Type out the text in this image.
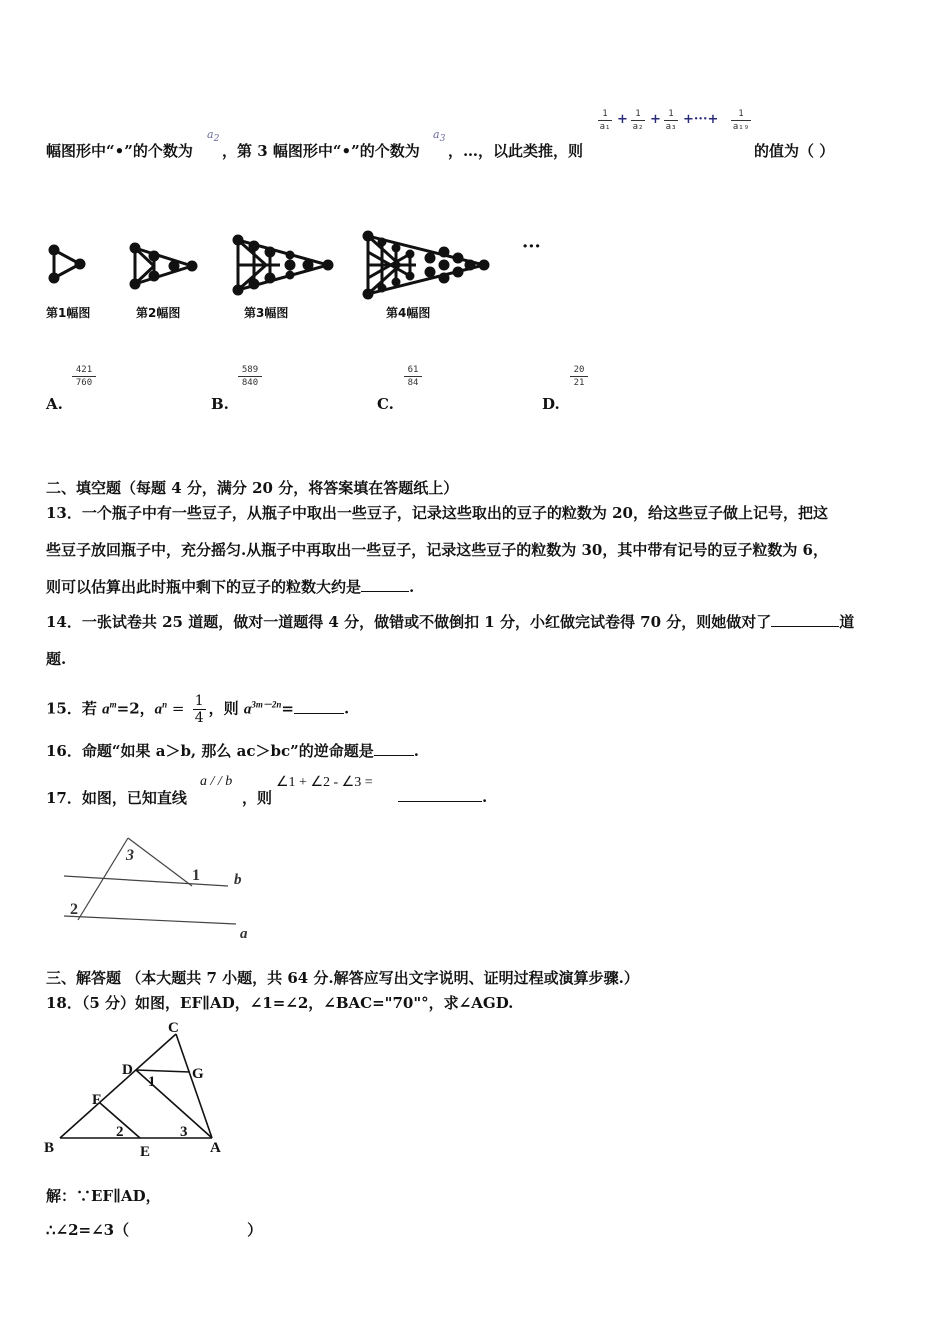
幅图形中“•”的个数为
$a_2$
，第 3 幅图形中“•”的个数为
$a_3$
，…，以此类推，则
$\frac{1}{\text{a₁}} + \frac{1}{\text{a₂}} + \frac{1}{\text{a₃}}$ +···+ $\frac{1}{\text{a₁₉}}$
的值为（ ）
···
第1幅图	第2幅图	第3幅图	第4幅图
$\frac{421}{760}$
A.
$\frac{589}{840}$
B.
$\frac{61}{84}$
C.
$\frac{20}{21}$
D.
二、填空题（每题 4 分，满分 20 分，将答案填在答题纸上）
13．一个瓶子中有一些豆子，从瓶子中取出一些豆子，记录这些取出的豆子的粒数为 20，给这些豆子做上记号，把这
些豆子放回瓶子中，充分摇匀.从瓶子中再取出一些豆子，记录这些豆子的粒数为 30，其中带有记号的豆子粒数为 6，
则可以估算出此时瓶中剩下的豆子的粒数大约是	.
14．一张试卷共 25 道题，做对一道题得 4 分，做错或不做倒扣 1 分，小红做完试卷得 70 分，则她做对了	道
题.
15．若 $a^m=2$，$a^n = \frac{1}{4}$ ，则 $a^{3m-2n}=$	.
16．命题“如果 a＞b, 那么 ac＞bc”的逆命题是	.
17．如图，已知直线
a / / b
，则
∠1 + ∠2 - ∠3 =
.
3
1 b
2
a
三、解答题 （本大题共 7 小题，共 64 分.解答应写出文字说明、证明过程或演算步骤.）
18．（5 分）如图，EF∥AD，∠1=∠2，∠BAC="70"°，求∠AGD.
C
D	G
F
B	E	A
1
2	3
解：∵EF∥AD，
∴∠2=∠3（	）
